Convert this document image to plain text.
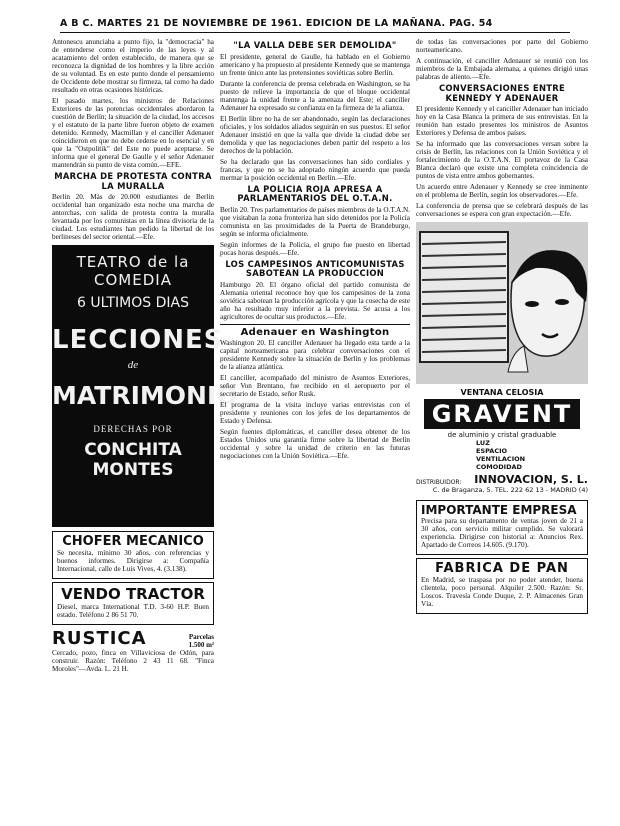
A B C. MARTES 21 DE NOVIEMBRE DE 1961. EDICION DE LA MAÑANA. PAG. 54

Antonescu anunciaba a punto fijo, la "democracia" ha de entenderse como el imperio de las leyes y al acatamiento del orden establecido, de manera que se reconozca la dignidad de los hombres y la libre acción de su voluntad. Es en este punto donde el pensamiento de Occidente debe mostrar su firmeza, tal como ha dado resultado en otras ocasiones históricas.

El pasado martes, los ministros de Relaciones Exteriores de las potencias occidentales abordaron la cuestión de Berlín; la situación de la ciudad, los accesos y el estatuto de la parte libre fueron objeto de examen detenido. Kennedy, Macmillan y el canciller Adenauer coincidieron en que no debe cederse en lo esencial y en que la "Ostpolitik" del Este no puede aceptarse. Se informa que el general De Gaulle y el señor Adenauer mantendrán su punto de vista común.—EFE.

MARCHA DE PROTESTA CONTRA LA MURALLA

Berlín 20. Más de 20.000 estudiantes de Berlín occidental han organizado esta noche una marcha de antorchas, con salida de protesta contra la muralla levantada por los comunistas en la línea divisoria de la ciudad. Los estudiantes han pedido la libertad de los berlineses del sector oriental.—Efe.

TEATRO de la COMEDIA
6 ULTIMOS DIAS
LECCIONES
de
MATRIMONIO
DERECHAS POR
CONCHITA MONTES
CHOFER MECANICO

Se necesita, mínimo 30 años, con referencias y buenos informes. Dirigirse a: Compañía Internacional, calle de Luis Vives, 4. (3.138).

VENDO TRACTOR

Diesel, marca International T.D. 3-60 H.P. Buen estado. Teléfono 2 86 51 70.

RUSTICA	Parcelas 1.500 m²

Cercado, pozo, finca en Villaviciosa de Odón, para construir. Razón: Teléfono 2 43 11 68. "Finca Moroles"—Avda. L. 21 H.

"LA VALLA DEBE SER DEMOLIDA"

El presidente, general de Gaulle, ha hablado en el Gobierno americano y ha propuesto al presidente Kennedy que se mantenga un frente único ante las pretensiones soviéticas sobre Berlín.

Durante la conferencia de prensa celebrada en Washington, se ha puesto de relieve la importancia de que el bloque occidental mantenga la unidad frente a la amenaza del Este; el canciller Adenauer ha expresado su confianza en la firmeza de la alianza.

El Berlín libre no ha de ser abandonado, según las declaraciones oficiales, y los soldados aliados seguirán en sus puestos. El señor Adenauer insistió en que la valla que divide la ciudad debe ser demolida y que las negociaciones deben partir del respeto a los derechos de la población.

Se ha declarado que las conversaciones han sido cordiales y francas, y que no se ha adoptado ningún acuerdo que pueda mermar la posición occidental en Berlín.—Efe.

LA POLICIA ROJA APRESA A PARLAMENTARIOS DEL O.T.A.N.

Berlín 20. Tres parlamentarios de países miembros de la O.T.A.N. que visitaban la zona fronteriza han sido detenidos por la Policía comunista en las proximidades de la Puerta de Brandeburgo, según se informa oficialmente.

Según informes de la Policía, el grupo fue puesto en libertad pocas horas después.—Efe.

LOS CAMPESINOS ANTICOMUNISTAS SABOTEAN LA PRODUCCION

Hamburgo 20. El órgano oficial del partido comunista de Alemania oriental reconoce hoy que los campesinos de la zona soviética sabotean la producción agrícola y que la cosecha de este año ha resultado muy inferior a la prevista. Se acusa a los agricultores de ocultar sus productos.—Efe.

Adenauer en Washington

Washington 20. El canciller Adenauer ha llegado esta tarde a la capital norteamericana para celebrar conversaciones con el presidente Kennedy sobre la situación de Berlín y los problemas de la alianza atlántica.

El canciller, acompañado del ministro de Asuntos Exteriores, señor Von Brentano, fue recibido en el aeropuerto por el secretario de Estado, señor Rusk.

El programa de la visita incluye varias entrevistas con el presidente y reuniones con los jefes de los departamentos de Estado y Defensa.

Según fuentes diplomáticas, el canciller desea obtener de los Estados Unidos una garantía firme sobre la libertad de Berlín occidental y sobre la unidad de criterio en las futuras negociaciones con la Unión Soviética.—Efe.

de todas las conversaciones por parte del Gobierno norteamericano.

A continuación, el canciller Adenauer se reunió con los miembros de la Embajada alemana, a quienes dirigió unas palabras de aliento.—Efe.

CONVERSACIONES ENTRE KENNEDY Y ADENAUER

El presidente Kennedy y el canciller Adenauer han iniciado hoy en la Casa Blanca la primera de sus entrevistas. En la reunión han estado presentes los ministros de Asuntos Exteriores y Defensa de ambos países.

Se ha informado que las conversaciones versan sobre la crisis de Berlín, las relaciones con la Unión Soviética y el fortalecimiento de la O.T.A.N. El portavoz de la Casa Blanca declaró que existe una completa coincidencia de puntos de vista entre ambos gobernantes.

Un acuerdo entre Adenauer y Kennedy se cree inminente en el problema de Berlín, según los observadores.—Efe.

La conferencia de prensa que se celebrará después de las conversaciones se espera con gran expectación.—Efe.

VENTANA CELOSIA
GRAVENT
de aluminio y cristal graduable
LUZ
ESPACIO
VENTILACION
COMODIDAD
DISTRIBUIDOR: INNOVACION, S. L.
C. de Braganza, 5. TEL. 222 62 13 - MADRID (4)
IMPORTANTE EMPRESA

Precisa para su departamento de ventas joven de 21 a 30 años, con servicio militar cumplido. Se valorará experiencia. Dirigirse con historial a: Anuncios Rex. Apartado de Correos 14.605. (9.170).

FABRICA DE PAN

En Madrid, se traspasa por no poder atender, buena clientela, poco personal. Alquiler 2.500. Razón: Sr. Loscos. Travesía Conde Duque, 2. P. Almacenes Gran Vía.
